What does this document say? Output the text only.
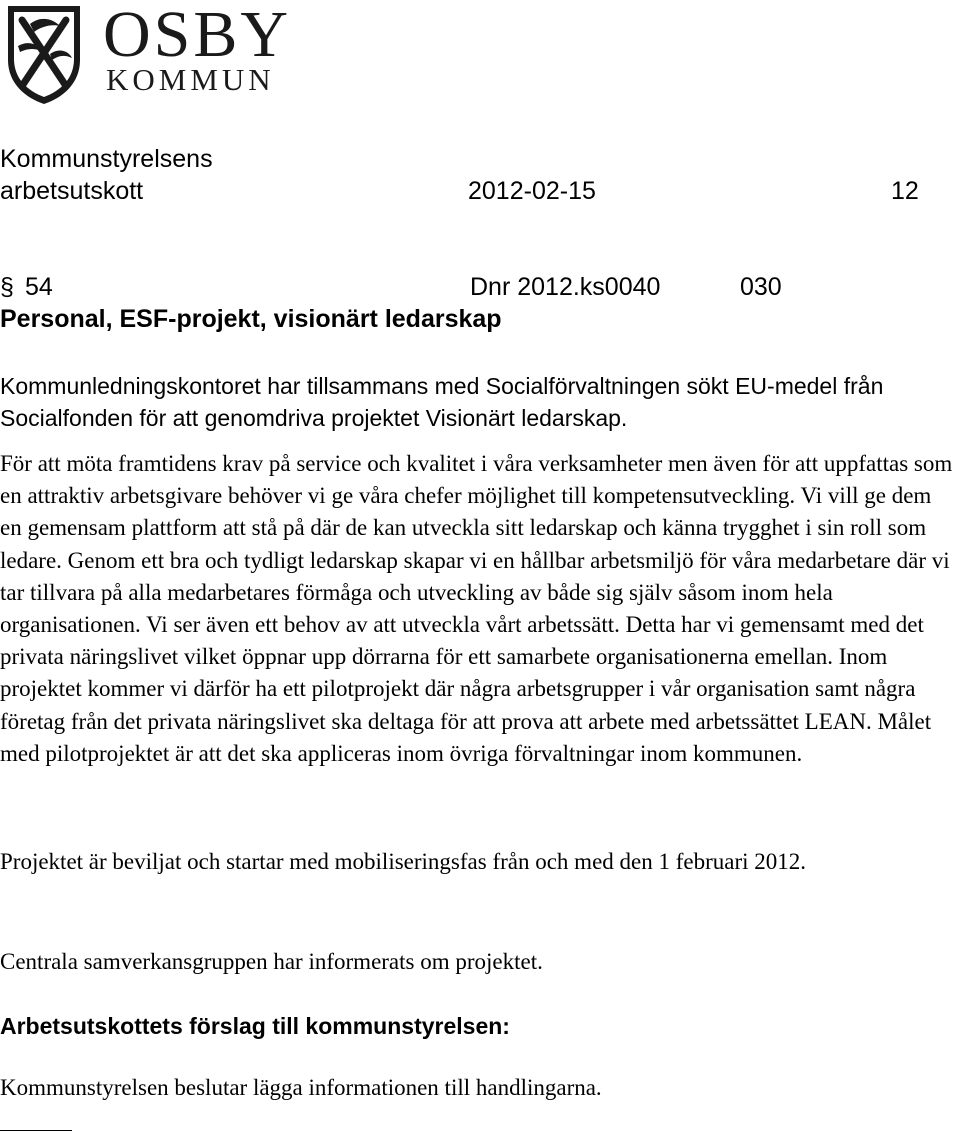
OSBY
KOMMUN
Kommunstyrelsens
arbetsutskott	2012-02-15	12
§ 54	Dnr 2012.ks0040	030
Personal, ESF-projekt, visionärt ledarskap
Kommunledningskontoret har tillsammans med Socialförvaltningen sökt EU-medel från Socialfonden för att genomdriva projektet Visionärt ledarskap.
För att möta framtidens krav på service och kvalitet i våra verksamheter men även för att uppfattas som en attraktiv arbetsgivare behöver vi ge våra chefer möjlighet till kompetensutveckling. Vi vill ge dem en gemensam plattform att stå på där de kan utveckla sitt ledarskap och känna trygghet i sin roll som ledare. Genom ett bra och tydligt ledarskap skapar vi en hållbar arbetsmiljö för våra medarbetare där vi tar tillvara på alla medarbetares förmåga och utveckling av både sig själv såsom inom hela organisationen. Vi ser även ett behov av att utveckla vårt arbetssätt. Detta har vi gemensamt med det privata näringslivet vilket öppnar upp dörrarna för ett samarbete organisationerna emellan. Inom projektet kommer vi därför ha ett pilotprojekt där några arbetsgrupper i vår organisation samt några företag från det privata näringslivet ska deltaga för att prova att arbete med arbetssättet LEAN. Målet med pilotprojektet är att det ska appliceras inom övriga förvaltningar inom kommunen.
Projektet är beviljat och startar med mobiliseringsfas från och med den 1 februari 2012.
Centrala samverkansgruppen har informerats om projektet.
Arbetsutskottets förslag till kommunstyrelsen:
Kommunstyrelsen beslutar lägga informationen till handlingarna.
